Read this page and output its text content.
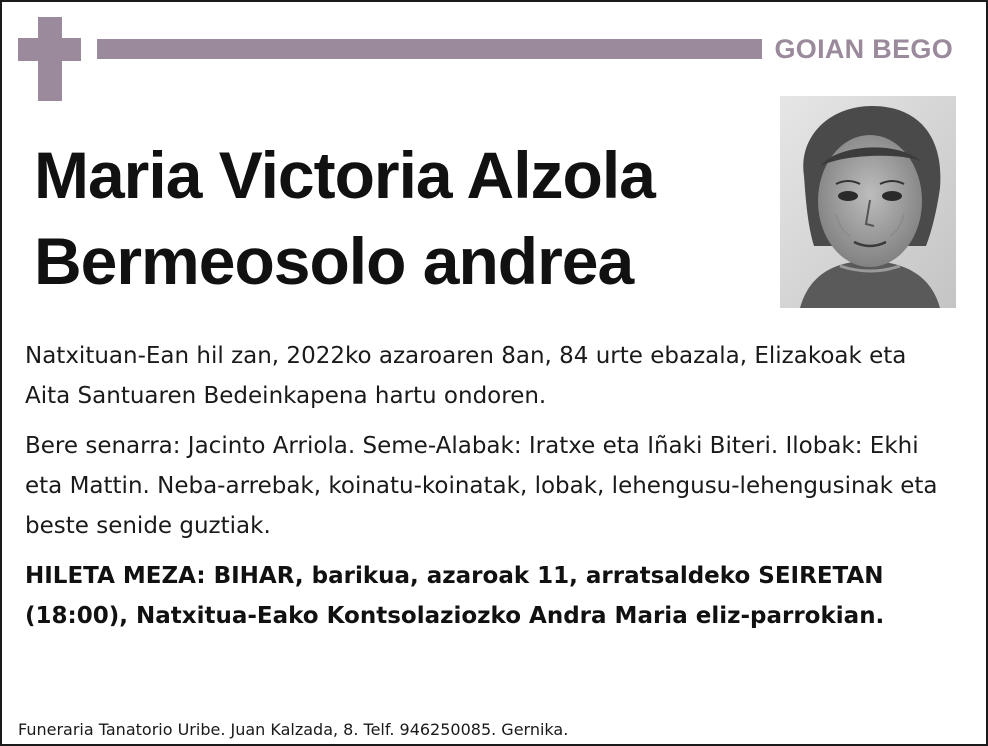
GOIAN BEGO
Maria Victoria Alzola
Bermeosolo andrea

Natxituan-Ean hil zan, 2022ko azaroaren 8an, 84 urte ebazala, Elizakoak eta Aita Santuaren Bedeinkapena hartu ondoren.

Bere senarra: Jacinto Arriola. Seme-Alabak: Iratxe eta Iñaki Biteri. Ilobak: Ekhi eta Mattin. Neba-arrebak, koinatu-koinatak, lobak, lehengusu-lehengusinak eta beste senide guztiak.

HILETA MEZA: BIHAR, barikua, azaroak 11, arratsaldeko SEIRETAN (18:00), Natxitua-Eako Kontsolaziozko Andra Maria eliz-parrokian.

Funeraria Tanatorio Uribe. Juan Kalzada, 8. Telf. 946250085. Gernika.
